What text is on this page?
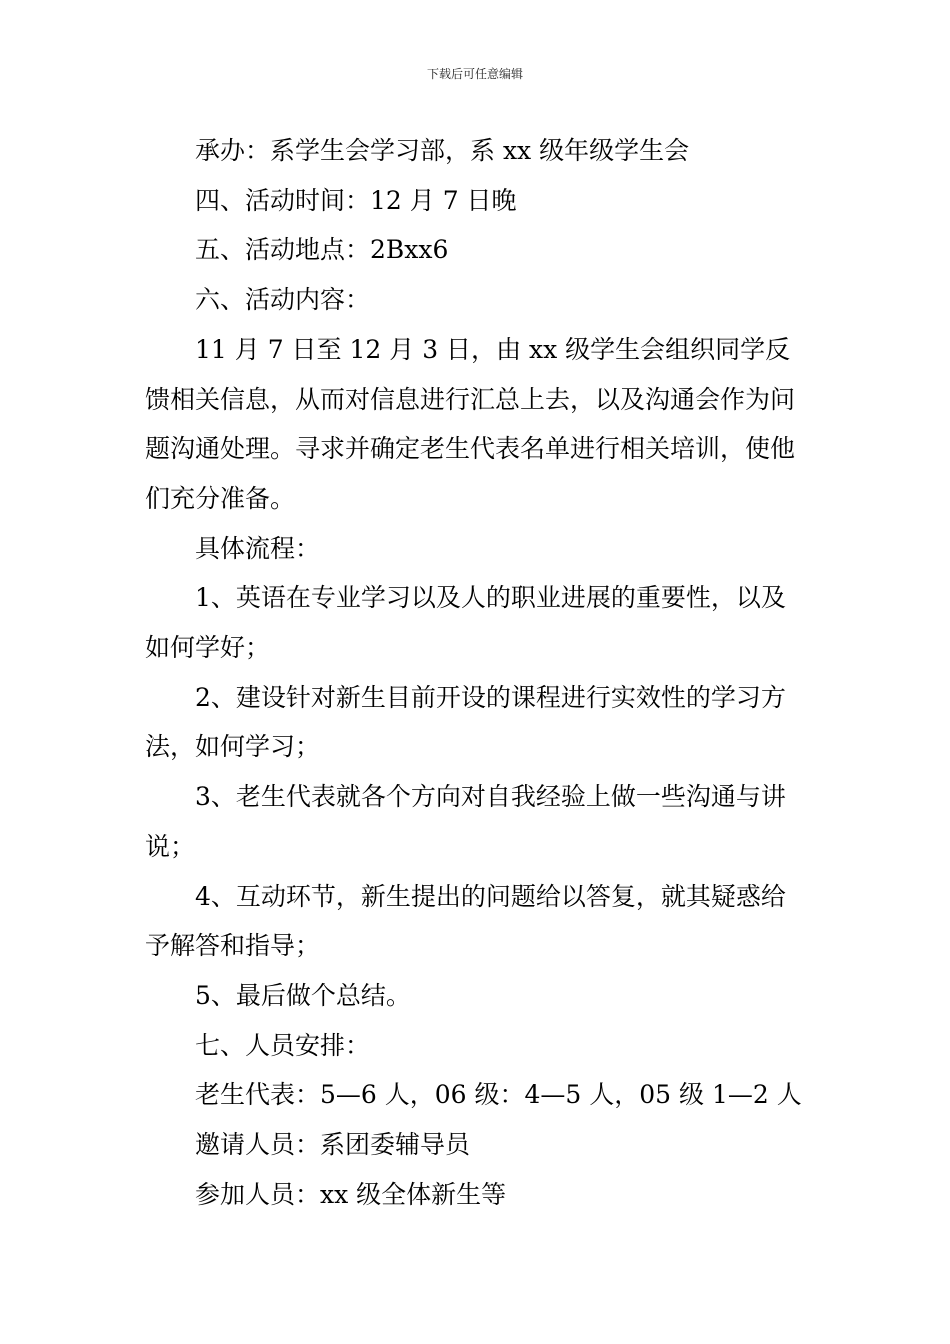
下载后可任意编辑

承办：系学生会学习部，系 xx 级年级学生会

四、活动时间：12 月 7 日晚

五、活动地点：2Bxx6

六、活动内容：

11 月 7 日至 12 月 3 日，由 xx 级学生会组织同学反馈相关信息，从而对信息进行汇总上去，以及沟通会作为问题沟通处理。寻求并确定老生代表名单进行相关培训，使他们充分准备。

具体流程：

1、英语在专业学习以及人的职业进展的重要性，以及如何学好；

2、建设针对新生目前开设的课程进行实效性的学习方法，如何学习；

3、老生代表就各个方向对自我经验上做一些沟通与讲说；

4、互动环节，新生提出的问题给以答复，就其疑惑给予解答和指导；

5、最后做个总结。

七、人员安排：

老生代表：5—6 人，06 级：4—5 人，05 级 1—2 人

邀请人员：系团委辅导员

参加人员：xx 级全体新生等
